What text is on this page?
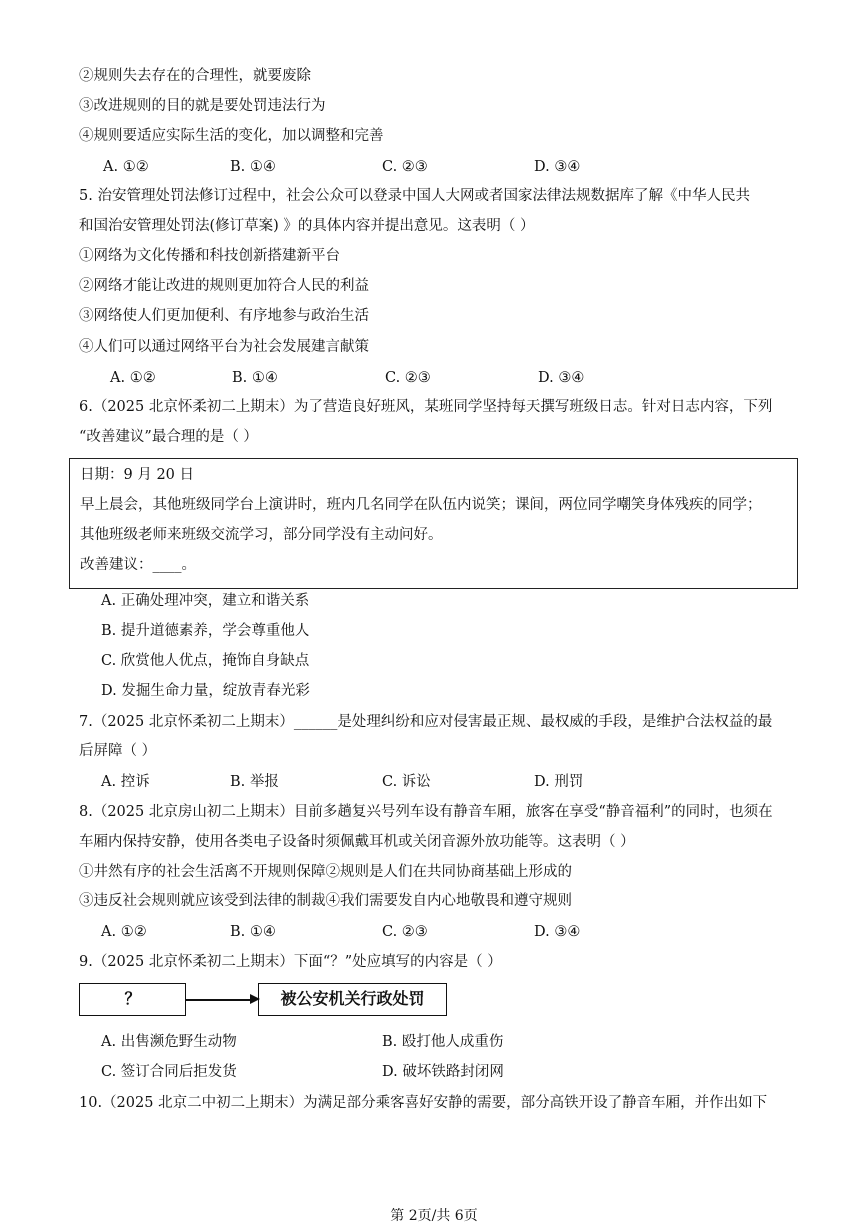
②规则失去存在的合理性，就要废除
③改进规则的目的就是要处罚违法行为
④规则要适应实际生活的变化，加以调整和完善
A. ①②	B. ①④	C. ②③	D. ③④
5. 治安管理处罚法修订过程中，社会公众可以登录中国人大网或者国家法律法规数据库了解《中华人民共
和国治安管理处罚法(修订草案) 》的具体内容并提出意见。这表明（ ）
①网络为文化传播和科技创新搭建新平台
②网络才能让改进的规则更加符合人民的利益
③网络使人们更加便利、有序地参与政治生活
④人们可以通过网络平台为社会发展建言献策
A. ①②	B. ①④	C. ②③	D. ③④
6.（2025 北京怀柔初二上期末）为了营造良好班风，某班同学坚持每天撰写班级日志。针对日志内容，下列
“改善建议”最合理的是（ ）
日期：9 月 20 日
早上晨会，其他班级同学台上演讲时，班内几名同学在队伍内说笑；课间，两位同学嘲笑身体残疾的同学；
其他班级老师来班级交流学习，部分同学没有主动问好。
改善建议：____。
A. 正确处理冲突，建立和谐关系
B. 提升道德素养，学会尊重他人
C. 欣赏他人优点，掩饰自身缺点
D. 发掘生命力量，绽放青春光彩
7.（2025 北京怀柔初二上期末）______是处理纠纷和应对侵害最正规、最权威的手段，是维护合法权益的最
后屏障（ ）
A. 控诉	B. 举报	C. 诉讼	D. 刑罚
8.（2025 北京房山初二上期末）目前多趟复兴号列车设有静音车厢，旅客在享受“静音福利”的同时，也须在
车厢内保持安静，使用各类电子设备时须佩戴耳机或关闭音源外放功能等。这表明（ ）
①井然有序的社会生活离不开规则保障②规则是人们在共同协商基础上形成的
③违反社会规则就应该受到法律的制裁④我们需要发自内心地敬畏和遵守规则
A. ①②	B. ①④	C. ②③	D. ③④
9.（2025 北京怀柔初二上期末）下面“？”处应填写的内容是（ ）
？	被公安机关行政处罚
A. 出售濒危野生动物	B. 殴打他人成重伤
C. 签订合同后拒发货	D. 破坏铁路封闭网
10.（2025 北京二中初二上期末）为满足部分乘客喜好安静的需要，部分高铁开设了静音车厢，并作出如下
第 2页/共 6页
